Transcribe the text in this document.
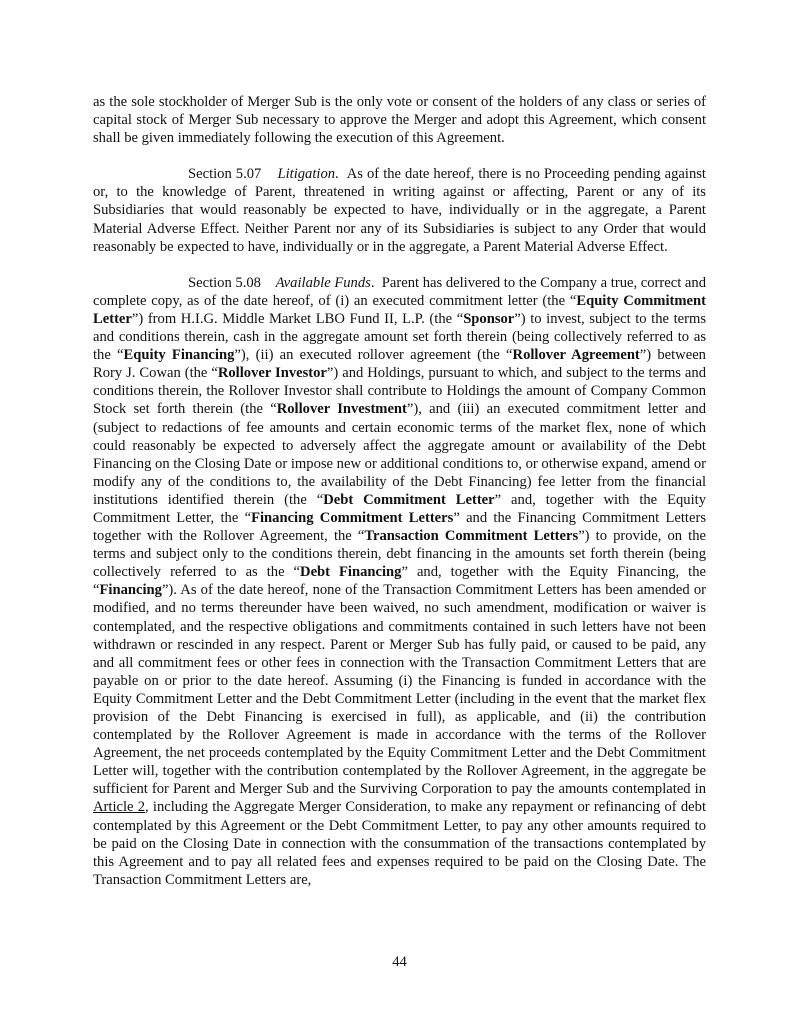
as the sole stockholder of Merger Sub is the only vote or consent of the holders of any class or series of capital stock of Merger Sub necessary to approve the Merger and adopt this Agreement, which consent shall be given immediately following the execution of this Agreement.

Section 5.07 Litigation.  As of the date hereof, there is no Proceeding pending against or, to the knowledge of Parent, threatened in writing against or affecting, Parent or any of its Subsidiaries that would reasonably be expected to have, individually or in the aggregate, a Parent Material Adverse Effect. Neither Parent nor any of its Subsidiaries is subject to any Order that would reasonably be expected to have, individually or in the aggregate, a Parent Material Adverse Effect.

Section 5.08 Available Funds.  Parent has delivered to the Company a true, correct and complete copy, as of the date hereof, of (i) an executed commitment letter (the “Equity Commitment Letter”) from H.I.G. Middle Market LBO Fund II, L.P. (the “Sponsor”) to invest, subject to the terms and conditions therein, cash in the aggregate amount set forth therein (being collectively referred to as the “Equity Financing”), (ii) an executed rollover agreement (the “Rollover Agreement”) between Rory J. Cowan (the “Rollover Investor”) and Holdings, pursuant to which, and subject to the terms and conditions therein, the Rollover Investor shall contribute to Holdings the amount of Company Common Stock set forth therein (the “Rollover Investment”), and (iii) an executed commitment letter and (subject to redactions of fee amounts and certain economic terms of the market flex, none of which could reasonably be expected to adversely affect the aggregate amount or availability of the Debt Financing on the Closing Date or impose new or additional conditions to, or otherwise expand, amend or modify any of the conditions to, the availability of the Debt Financing) fee letter from the financial institutions identified therein (the “Debt Commitment Letter” and, together with the Equity Commitment Letter, the “Financing Commitment Letters” and the Financing Commitment Letters together with the Rollover Agreement, the “Transaction Commitment Letters”) to provide, on the terms and subject only to the conditions therein, debt financing in the amounts set forth therein (being collectively referred to as the “Debt Financing” and, together with the Equity Financing, the “Financing”). As of the date hereof, none of the Transaction Commitment Letters has been amended or modified, and no terms thereunder have been waived, no such amendment, modification or waiver is contemplated, and the respective obligations and commitments contained in such letters have not been withdrawn or rescinded in any respect. Parent or Merger Sub has fully paid, or caused to be paid, any and all commitment fees or other fees in connection with the Transaction Commitment Letters that are payable on or prior to the date hereof. Assuming (i) the Financing is funded in accordance with the Equity Commitment Letter and the Debt Commitment Letter (including in the event that the market flex provision of the Debt Financing is exercised in full), as applicable, and (ii) the contribution contemplated by the Rollover Agreement is made in accordance with the terms of the Rollover Agreement, the net proceeds contemplated by the Equity Commitment Letter and the Debt Commitment Letter will, together with the contribution contemplated by the Rollover Agreement, in the aggregate be sufficient for Parent and Merger Sub and the Surviving Corporation to pay the amounts contemplated in Article 2, including the Aggregate Merger Consideration, to make any repayment or refinancing of debt contemplated by this Agreement or the Debt Commitment Letter, to pay any other amounts required to be paid on the Closing Date in connection with the consummation of the transactions contemplated by this Agreement and to pay all related fees and expenses required to be paid on the Closing Date. The Transaction Commitment Letters are,

44
